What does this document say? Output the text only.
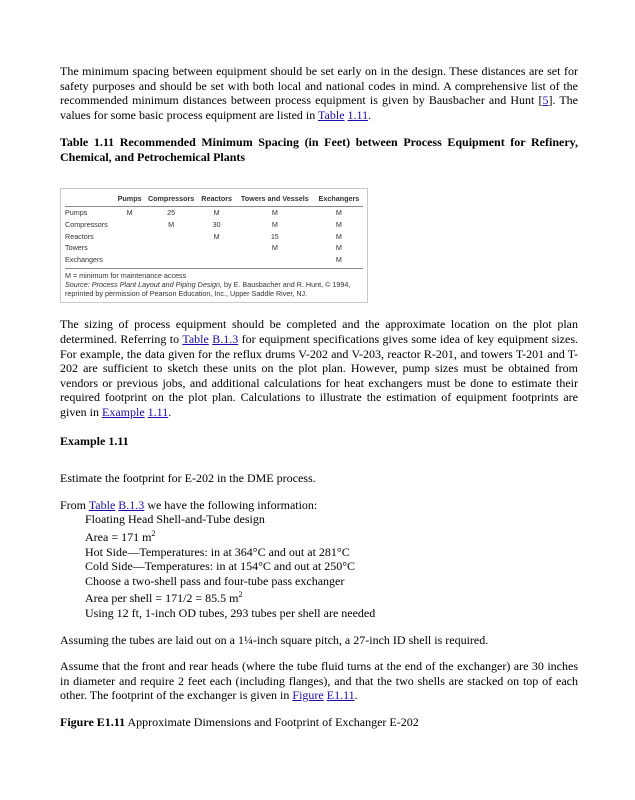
The minimum spacing between equipment should be set early on in the design. These distances are set for safety purposes and should be set with both local and national codes in mind. A comprehensive list of the recommended minimum distances between process equipment is given by Bausbacher and Hunt [5]. The values for some basic process equipment are listed in Table 1.11.

Table 1.11 Recommended Minimum Spacing (in Feet) between Process Equipment for Refinery, Chemical, and Petrochemical Plants

	Pumps	Compressors	Reactors	Towers and Vessels	Exchangers
Pumps	M	25	M	M	M
Compressors		M	30	M	M
Reactors			M	15	M
Towers				M	M
Exchangers					M
M = minimum for maintenance access
Source: Process Plant Layout and Piping Design, by E. Bausbacher and R. Hunt, © 1994, reprinted by permission of Pearson Education, Inc., Upper Saddle River, NJ.

The sizing of process equipment should be completed and the approximate location on the plot plan determined. Referring to Table B.1.3 for equipment specifications gives some idea of key equipment sizes. For example, the data given for the reflux drums V-202 and V-203, reactor R-201, and towers T-201 and T-202 are sufficient to sketch these units on the plot plan. However, pump sizes must be obtained from vendors or previous jobs, and additional calculations for heat exchangers must be done to estimate their required footprint on the plot plan. Calculations to illustrate the estimation of equipment footprints are given in Example 1.11.

Example 1.11

Estimate the footprint for E-202 in the DME process.

From Table B.1.3 we have the following information:

Floating Head Shell-and-Tube design
Area = 171 $m^2$
Hot Side—Temperatures: in at 364°C and out at 281°C
Cold Side—Temperatures: in at 154°C and out at 250°C
Choose a two-shell pass and four-tube pass exchanger
Area per shell = 171/2 = 85.5 $m^2$
Using 12 ft, 1-inch OD tubes, 293 tubes per shell are needed

Assuming the tubes are laid out on a 1¼-inch square pitch, a 27-inch ID shell is required.

Assume that the front and rear heads (where the tube fluid turns at the end of the exchanger) are 30 inches in diameter and require 2 feet each (including flanges), and that the two shells are stacked on top of each other. The footprint of the exchanger is given in Figure E1.11.

Figure E1.11 Approximate Dimensions and Footprint of Exchanger E-202
